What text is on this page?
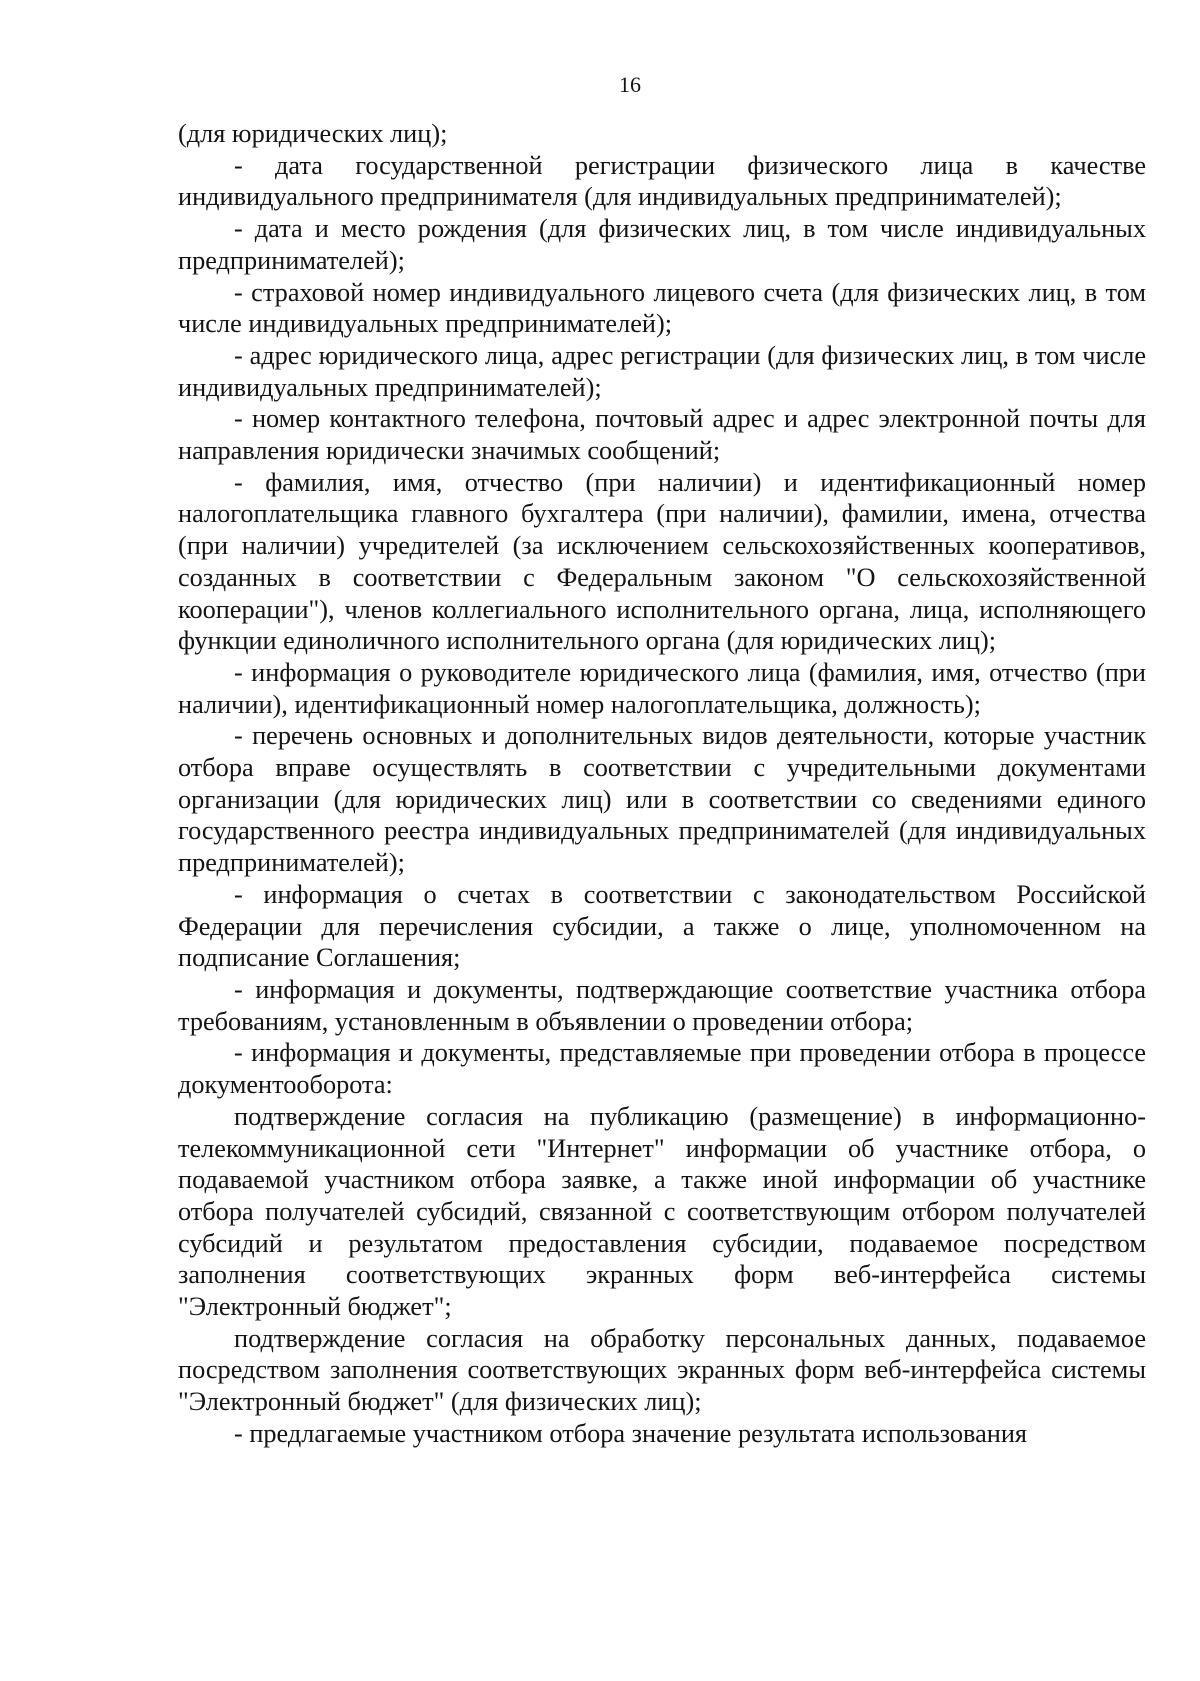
16

(для юридических лиц);

- дата государственной регистрации физического лица в качестве индивидуального предпринимателя (для индивидуальных предпринимателей);

- дата и место рождения (для физических лиц, в том числе индивидуальных предпринимателей);

- страховой номер индивидуального лицевого счета (для физических лиц, в том числе индивидуальных предпринимателей);

- адрес юридического лица, адрес регистрации (для физических лиц, в том числе индивидуальных предпринимателей);

- номер контактного телефона, почтовый адрес и адрес электронной почты для направления юридически значимых сообщений;

- фамилия, имя, отчество (при наличии) и идентификационный номер налогоплательщика главного бухгалтера (при наличии), фамилии, имена, отчества (при наличии) учредителей (за исключением сельскохозяйственных кооперативов, созданных в соответствии с Федеральным законом "О сельскохозяйственной кооперации"), членов коллегиального исполнительного органа, лица, исполняющего функции единоличного исполнительного органа (для юридических лиц);

- информация о руководителе юридического лица (фамилия, имя, отчество (при наличии), идентификационный номер налогоплательщика, должность);

- перечень основных и дополнительных видов деятельности, которые участник отбора вправе осуществлять в соответствии с учредительными документами организации (для юридических лиц) или в соответствии со сведениями единого государственного реестра индивидуальных предпринимателей (для индивидуальных предпринимателей);

- информация о счетах в соответствии с законодательством Российской Федерации для перечисления субсидии, а также о лице, уполномоченном на подписание Соглашения;

- информация и документы, подтверждающие соответствие участника отбора требованиям, установленным в объявлении о проведении отбора;

- информация и документы, представляемые при проведении отбора в процессе документооборота:

подтверждение согласия на публикацию (размещение) в информационно-телекоммуникационной сети "Интернет" информации об участнике отбора, о подаваемой участником отбора заявке, а также иной информации об участнике отбора получателей субсидий, связанной с соответствующим отбором получателей субсидий и результатом предоставления субсидии, подаваемое посредством заполнения соответствующих экранных форм веб-интерфейса системы "Электронный бюджет";

подтверждение согласия на обработку персональных данных, подаваемое посредством заполнения соответствующих экранных форм веб-интерфейса системы "Электронный бюджет" (для физических лиц);

- предлагаемые участником отбора значение результата использования
